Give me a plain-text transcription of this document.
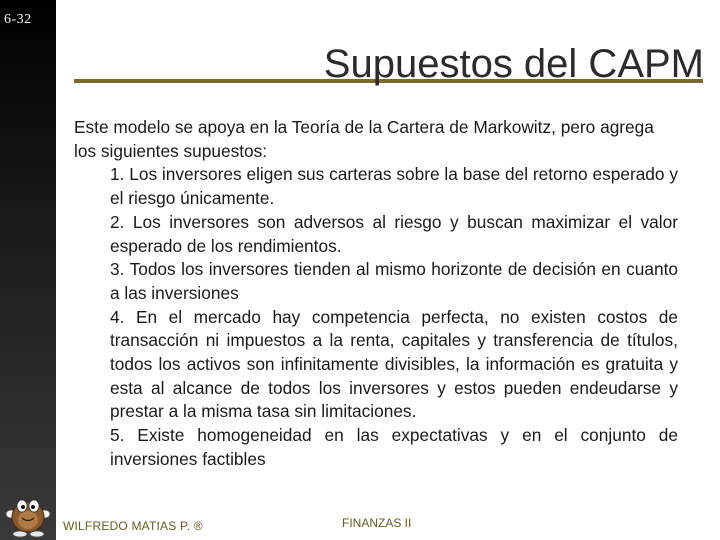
6-32
Supuestos del CAPM

Este modelo se apoya en la Teoría de la Cartera de Markowitz, pero agrega los siguientes supuestos:

1. Los inversores eligen sus carteras sobre la base del retorno esperado y el riesgo únicamente.

2. Los inversores son adversos al riesgo y buscan maximizar el valor esperado de los rendimientos.

3. Todos los inversores tienden al mismo horizonte de decisión en cuanto a las inversiones

4. En el mercado hay competencia perfecta, no existen costos de transacción ni impuestos a la renta, capitales y transferencia de títulos, todos los activos son infinitamente divisibles, la información es gratuita y esta al alcance de todos los inversores y estos pueden endeudarse y prestar a la misma tasa sin limitaciones.

5. Existe homogeneidad en las expectativas y en el conjunto de inversiones factibles

WILFREDO MATIAS P. ®	FINANZAS II
